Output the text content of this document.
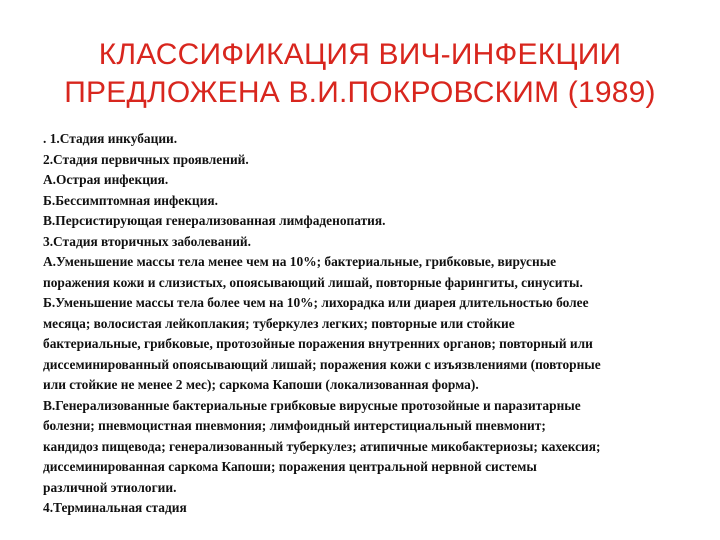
КЛАССИФИКАЦИЯ ВИЧ-ИНФЕКЦИИ
ПРЕДЛОЖЕНА В.И.ПОКРОВСКИМ (1989)
. 1.Стадия инкубации.
2.Стадия первичных проявлений.
А.Острая инфекция.
Б.Бессимптомная инфекция.
В.Персистирующая генерализованная лимфаденопатия.
3.Стадия вторичных заболеваний.
А.Уменьшение массы тела менее чем на 10%; бактериальные, грибковые, вирусные
поражения кожи и слизистых, опоясывающий лишай, повторные фарингиты, синуситы.
Б.Уменьшение массы тела более чем на 10%; лихорадка или диарея длительностью более
месяца; волосистая лейкоплакия; туберкулез легких; повторные или стойкие
бактериальные, грибковые, протозойные поражения внутренних органов; повторный или
диссеминированный опоясывающий лишай; поражения кожи с изъязвлениями (повторные
или стойкие не менее 2 мес); саркома Капоши (локализованная форма).
В.Генерализованные бактериальные грибковые вирусные протозойные и паразитарные
болезни; пневмоцистная пневмония; лимфоидный интерстициальный пневмонит;
кандидоз пищевода; генерализованный туберкулез; атипичные микобактериозы; кахексия;
диссеминированная саркома Капоши; поражения центральной нервной системы
различной этиологии.
4.Терминальная стадия
